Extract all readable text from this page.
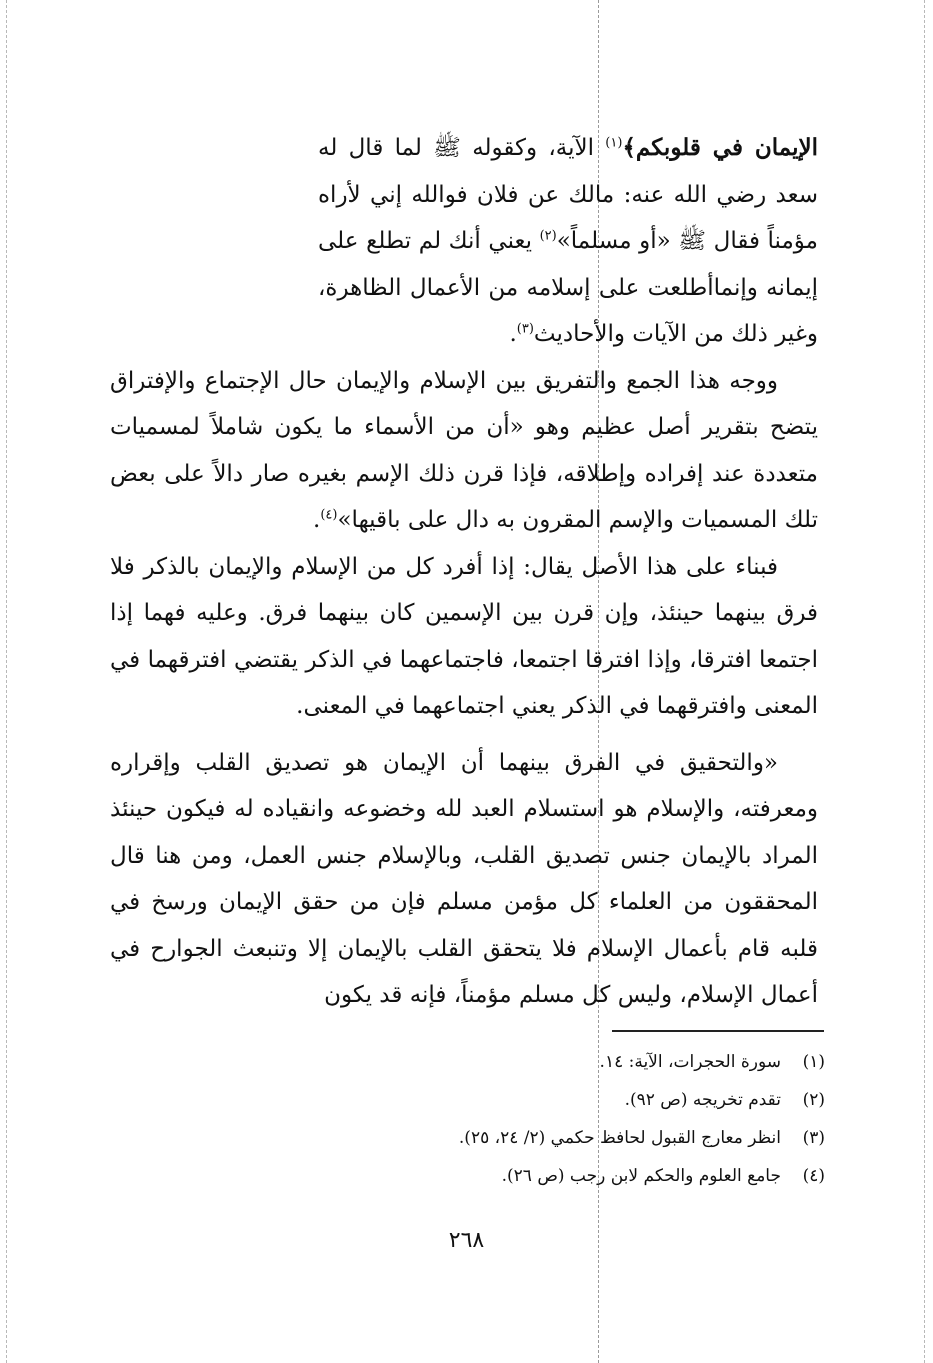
الإيمان في قلوبكم﴾$^{(١)}$ الآية، وكقوله ﷺ لما قال له سعد رضي الله عنه: مالك عن فلان فوالله إني لأراه مؤمناً فقال ﷺ «أو مسلماً»$^{(٢)}$ يعني أنك لم تطلع على إيمانه وإنماأطلعت على إسلامه من الأعمال الظاهرة، وغير ذلك من الآيات والأحاديث$^{(٣)}$.

ووجه هذا الجمع والتفريق بين الإسلام والإيمان حال الإجتماع والإفتراق يتضح بتقرير أصل عظيم وهو «أن من الأسماء ما يكون شاملاً لمسميات متعددة عند إفراده وإطلاقه، فإذا قرن ذلك الإسم بغيره صار دالاً على بعض تلك المسميات والإسم المقرون به دال على باقيها»$^{(٤)}$.

فبناء على هذا الأصل يقال: إذا أفرد كل من الإسلام والإيمان بالذكر فلا فرق بينهما حينئذ، وإن قرن بين الإسمين كان بينهما فرق. وعليه فهما إذا اجتمعا افترقا، وإذا افترقا اجتمعا، فاجتماعهما في الذكر يقتضي افترقهما في المعنى وافترقهما في الذكر يعني اجتماعهما في المعنى.

«والتحقيق في الفرق بينهما أن الإيمان هو تصديق القلب وإقراره ومعرفته، والإسلام هو استسلام العبد لله وخضوعه وانقياده له فيكون حينئذ المراد بالإيمان جنس تصديق القلب، وبالإسلام جنس العمل، ومن هنا قال المحققون من العلماء كل مؤمن مسلم فإن من حقق الإيمان ورسخ في قلبه قام بأعمال الإسلام فلا يتحقق القلب بالإيمان إلا وتنبعث الجوارح في أعمال الإسلام، وليس كل مسلم مؤمناً، فإنه قد يكون

(١)سورة الحجرات، الآية: ١٤.
(٢)تقدم تخريجه (ص ٩٢).
(٣)انظر معارج القبول لحافظ حكمي (٢/ ٢٤، ٢٥).
(٤)جامع العلوم والحكم لابن رجب (ص ٢٦).
٢٦٨
